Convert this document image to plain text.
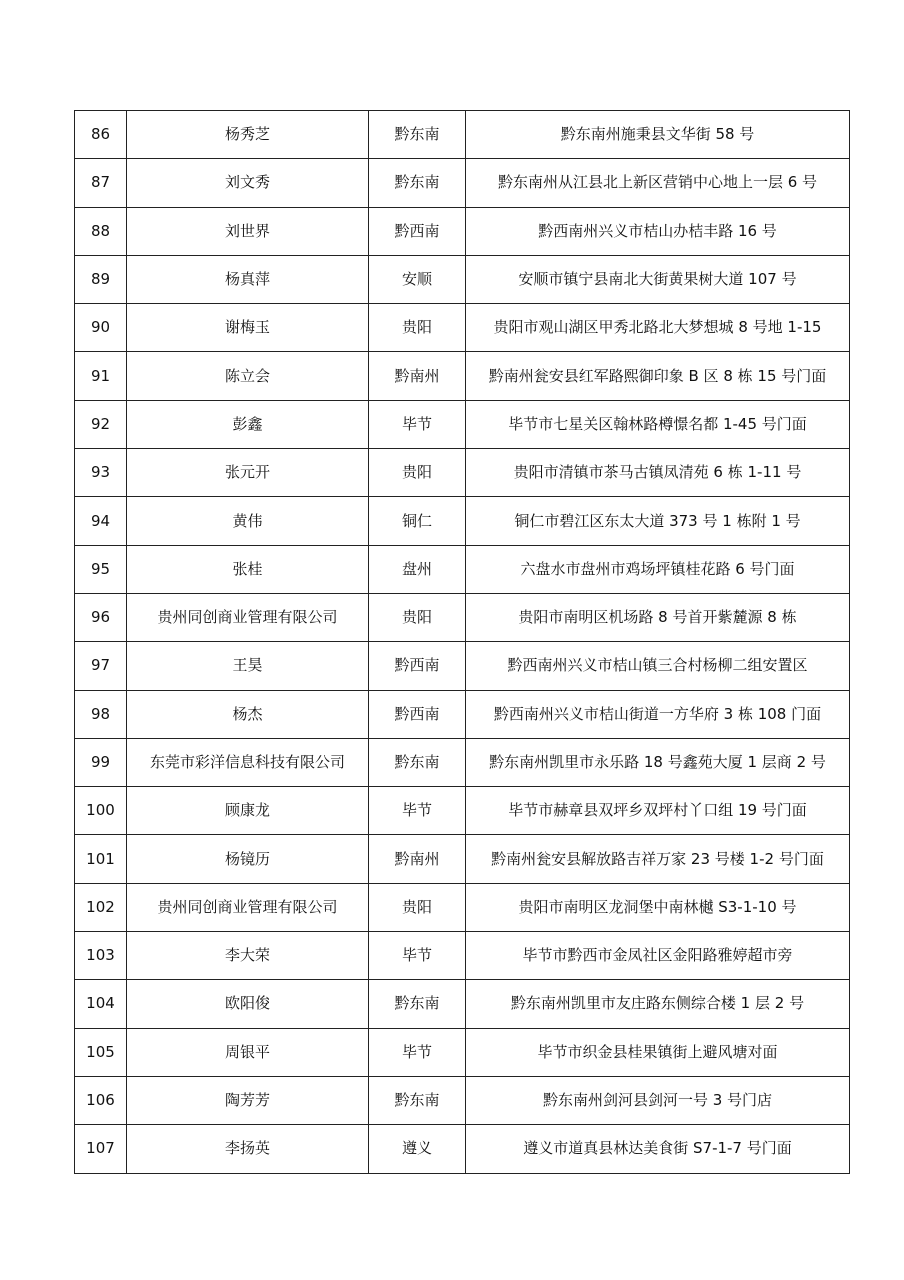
86	杨秀芝	黔东南	黔东南州施秉县文华街 58 号
87	刘文秀	黔东南	黔东南州从江县北上新区营销中心地上一层 6 号
88	刘世界	黔西南	黔西南州兴义市桔山办桔丰路 16 号
89	杨真萍	安顺	安顺市镇宁县南北大街黄果树大道 107 号
90	谢梅玉	贵阳	贵阳市观山湖区甲秀北路北大梦想城 8 号地 1-15
91	陈立会	黔南州	黔南州瓮安县红军路熙御印象 B 区 8 栋 15 号门面
92	彭鑫	毕节	毕节市七星关区翰林路樽憬名都 1-45 号门面
93	张元开	贵阳	贵阳市清镇市茶马古镇凤清苑 6 栋 1-11 号
94	黄伟	铜仁	铜仁市碧江区东太大道 373 号 1 栋附 1 号
95	张桂	盘州	六盘水市盘州市鸡场坪镇桂花路 6 号门面
96	贵州同创商业管理有限公司	贵阳	贵阳市南明区机场路 8 号首开紫麓源 8 栋
97	王昊	黔西南	黔西南州兴义市桔山镇三合村杨柳二组安置区
98	杨杰	黔西南	黔西南州兴义市桔山街道一方华府 3 栋 108 门面
99	东莞市彩洋信息科技有限公司	黔东南	黔东南州凯里市永乐路 18 号鑫苑大厦 1 层商 2 号
100	顾康龙	毕节	毕节市赫章县双坪乡双坪村丫口组 19 号门面
101	杨镜历	黔南州	黔南州瓮安县解放路吉祥万家 23 号楼 1-2 号门面
102	贵州同创商业管理有限公司	贵阳	贵阳市南明区龙洞堡中南林樾 S3-1-10 号
103	李大荣	毕节	毕节市黔西市金凤社区金阳路雅婷超市旁
104	欧阳俊	黔东南	黔东南州凯里市友庄路东侧综合楼 1 层 2 号
105	周银平	毕节	毕节市织金县桂果镇街上避风塘对面
106	陶芳芳	黔东南	黔东南州剑河县剑河一号 3 号门店
107	李扬英	遵义	遵义市道真县林达美食街 S7-1-7 号门面
